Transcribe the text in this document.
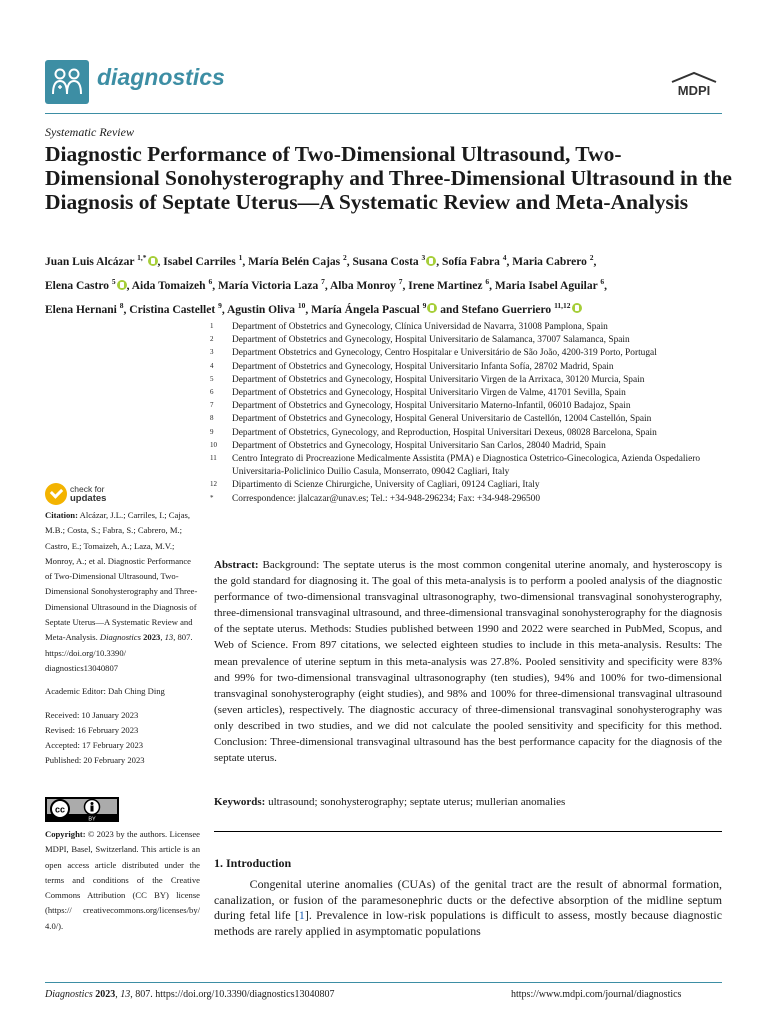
diagnostics
MDPI
Systematic Review
Diagnostic Performance of Two-Dimensional Ultrasound, Two-Dimensional Sonohysterography and Three-Dimensional Ultrasound in the Diagnosis of Septate Uterus—A Systematic Review and Meta-Analysis
Juan Luis Alcázar $^{1,*}$ , Isabel Carriles $^1$, María Belén Cajas $^2$, Susana Costa $^3$ , Sofía Fabra $^4$, Maria Cabrero $^2$,
Elena Castro $^5$ , Aida Tomaizeh $^6$, María Victoria Laza $^7$, Alba Monroy $^7$, Irene Martinez $^6$, Maria Isabel Aguilar $^6$,
Elena Hernani $^8$, Cristina Castellet $^9$, Agustin Oliva $^{10}$, María Ángela Pascual $^9$ and Stefano Guerriero $^{11,12}$
1	Department of Obstetrics and Gynecology, Clínica Universidad de Navarra, 31008 Pamplona, Spain
2	Department of Obstetrics and Gynecology, Hospital Universitario de Salamanca, 37007 Salamanca, Spain
3	Department Obstetrics and Gynecology, Centro Hospitalar e Universitário de São João, 4200-319 Porto, Portugal
4	Department of Obstetrics and Gynecology, Hospital Universitario Infanta Sofía, 28702 Madrid, Spain
5	Department of Obstetrics and Gynecology, Hospital Universitario Virgen de la Arrixaca, 30120 Murcia, Spain
6	Department of Obstetrics and Gynecology, Hospital Universitario Virgen de Valme, 41701 Sevilla, Spain
7	Department of Obstetrics and Gynecology, Hospital Universitario Materno-Infantil, 06010 Badajoz, Spain
8	Department of Obstetrics and Gynecology, Hospital General Universitario de Castellón, 12004 Castellón, Spain
9	Department of Obstetrics, Gynecology, and Reproduction, Hospital Universitari Dexeus, 08028 Barcelona, Spain
10	Department of Obstetrics and Gynecology, Hospital Universitario San Carlos, 28040 Madrid, Spain
11	Centro Integrato di Procreazione Medicalmente Assistita (PMA) e Diagnostica Ostetrico-Ginecologica, Azienda Ospedaliero Universitaria-Policlinico Duilio Casula, Monserrato, 09042 Cagliari, Italy
12	Dipartimento di Scienze Chirurgiche, University of Cagliari, 09124 Cagliari, Italy
*	Correspondence: jlalcazar@unav.es; Tel.: +34-948-296234; Fax: +34-948-296500
check for
updates

Citation: Alcázar, J.L.; Carriles, I.; Cajas, M.B.; Costa, S.; Fabra, S.; Cabrero, M.; Castro, E.; Tomaizeh, A.; Laza, M.V.; Monroy, A.; et al. Diagnostic Performance of Two-Dimensional Ultrasound, Two-Dimensional Sonohysterography and Three-Dimensional Ultrasound in the Diagnosis of Septate Uterus—A Systematic Review and Meta-Analysis. Diagnostics 2023, 13, 807. https://doi.org/10.3390/ diagnostics13040807

Academic Editor: Dah Ching Ding

Received: 10 January 2023

Revised: 16 February 2023

Accepted: 17 February 2023

Published: 20 February 2023

cc
BY
Copyright: © 2023 by the authors. Licensee MDPI, Basel, Switzerland. This article is an open access article distributed under the terms and conditions of the Creative Commons Attribution (CC BY) license (https:// creativecommons.org/licenses/by/ 4.0/).
Abstract: Background: The septate uterus is the most common congenital uterine anomaly, and hysteroscopy is the gold standard for diagnosing it. The goal of this meta-analysis is to perform a pooled analysis of the diagnostic performance of two-dimensional transvaginal ultrasonography, two-dimensional transvaginal sonohysterography, three-dimensional transvaginal ultrasound, and three-dimensional transvaginal sonohysterography for the diagnosis of the septate uterus. Methods: Studies published between 1990 and 2022 were searched in PubMed, Scopus, and Web of Science. From 897 citations, we selected eighteen studies to include in this meta-analysis. Results: The mean prevalence of uterine septum in this meta-analysis was 27.8%. Pooled sensitivity and specificity were 83% and 99% for two-dimensional transvaginal ultrasonography (ten studies), 94% and 100% for two-dimensional transvaginal sonohysterography (eight studies), and 98% and 100% for three-dimensional transvaginal ultrasound (seven articles), respectively. The diagnostic accuracy of three-dimensional transvaginal sonohysterography was only described in two studies, and we did not calculate the pooled sensitivity and specificity for this method. Conclusion: Three-dimensional transvaginal ultrasound has the best performance capacity for the diagnosis of the septate uterus.
Keywords: ultrasound; sonohysterography; septate uterus; mullerian anomalies
1. Introduction
   Congenital uterine anomalies (CUAs) of the genital tract are the result of abnormal formation, canalization, or fusion of the paramesonephric ducts or the defective absorption of the midline septum during fetal life [1]. Prevalence in low-risk populations is difficult to assess, mostly because diagnostic methods are rarely applied in asymptomatic populations
Diagnostics 2023, 13, 807. https://doi.org/10.3390/diagnostics13040807	https://www.mdpi.com/journal/diagnostics
